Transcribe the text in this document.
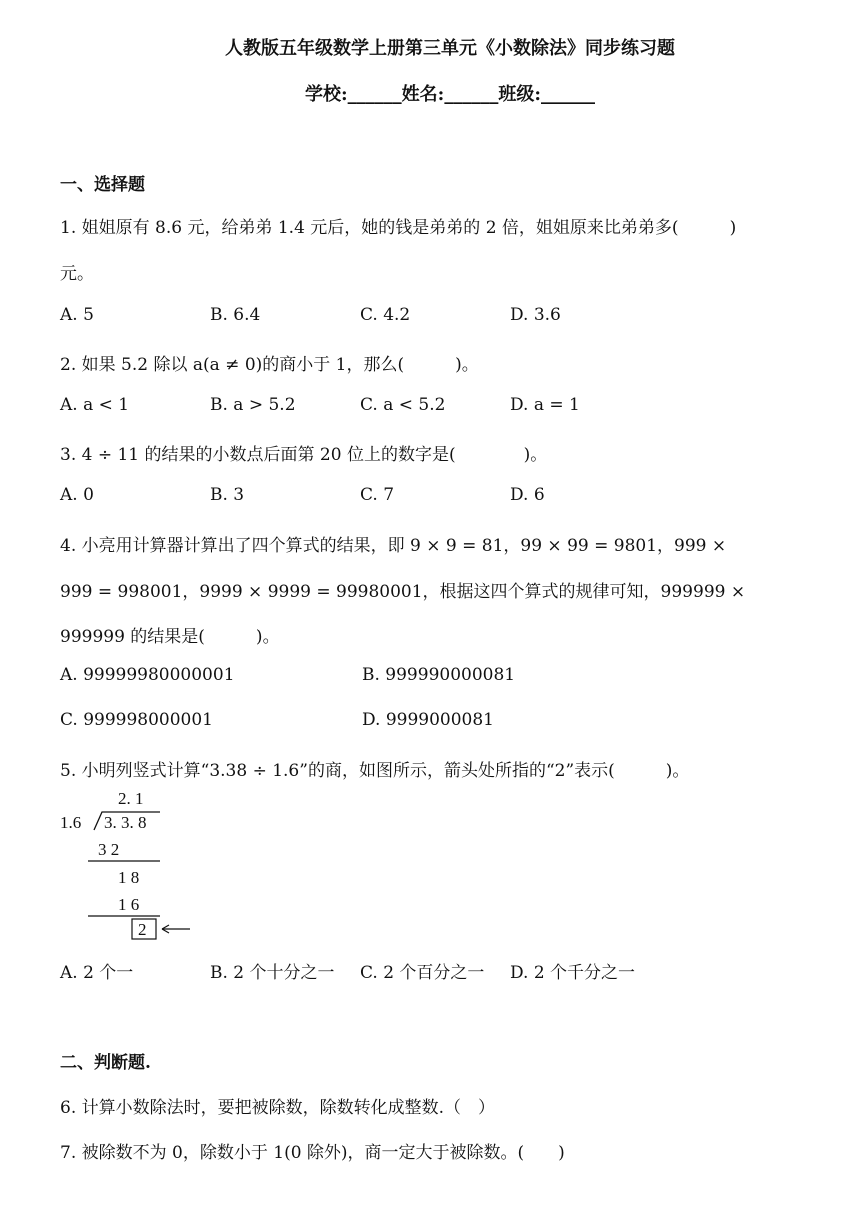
人教版五年级数学上册第三单元《小数除法》同步练习题
学校:______姓名:______班级:______
一、选择题
1. 姐姐原有 8.6 元，给弟弟 1.4 元后，她的钱是弟弟的 2 倍，姐姐原来比弟弟多(　　　)
元。
A. 5	B. 6.4	C. 4.2	D. 3.6
2. 如果 5.2 除以 a(a ≠ 0)的商小于 1，那么(　　　)。
A. a < 1	B. a > 5.2	C. a < 5.2	D. a = 1
3. 4 ÷ 11 的结果的小数点后面第 20 位上的数字是(　　　　)。
A. 0	B. 3	C. 7	D. 6
4. 小亮用计算器计算出了四个算式的结果，即 9 × 9 = 81，99 × 99 = 9801，999 ×
999 = 998001，9999 × 9999 = 99980001，根据这四个算式的规律可知，999999 ×
999999 的结果是(　　　)。
A. 99999980000001	B. 999990000081
C. 999998000001	D. 9999000081
5. 小明列竖式计算“3.38 ÷ 1.6”的商，如图所示，箭头处所指的“2”表示(　　　)。
2. 1
1.6 3. 3. 8
3 2
1 8
1 6
2
A. 2 个一	B. 2 个十分之一 C. 2 个百分之一 D. 2 个千分之一
二、判断题.
6. 计算小数除法时，要把被除数，除数转化成整数.（　）
7. 被除数不为 0，除数小于 1(0 除外)，商一定大于被除数。(　　)
